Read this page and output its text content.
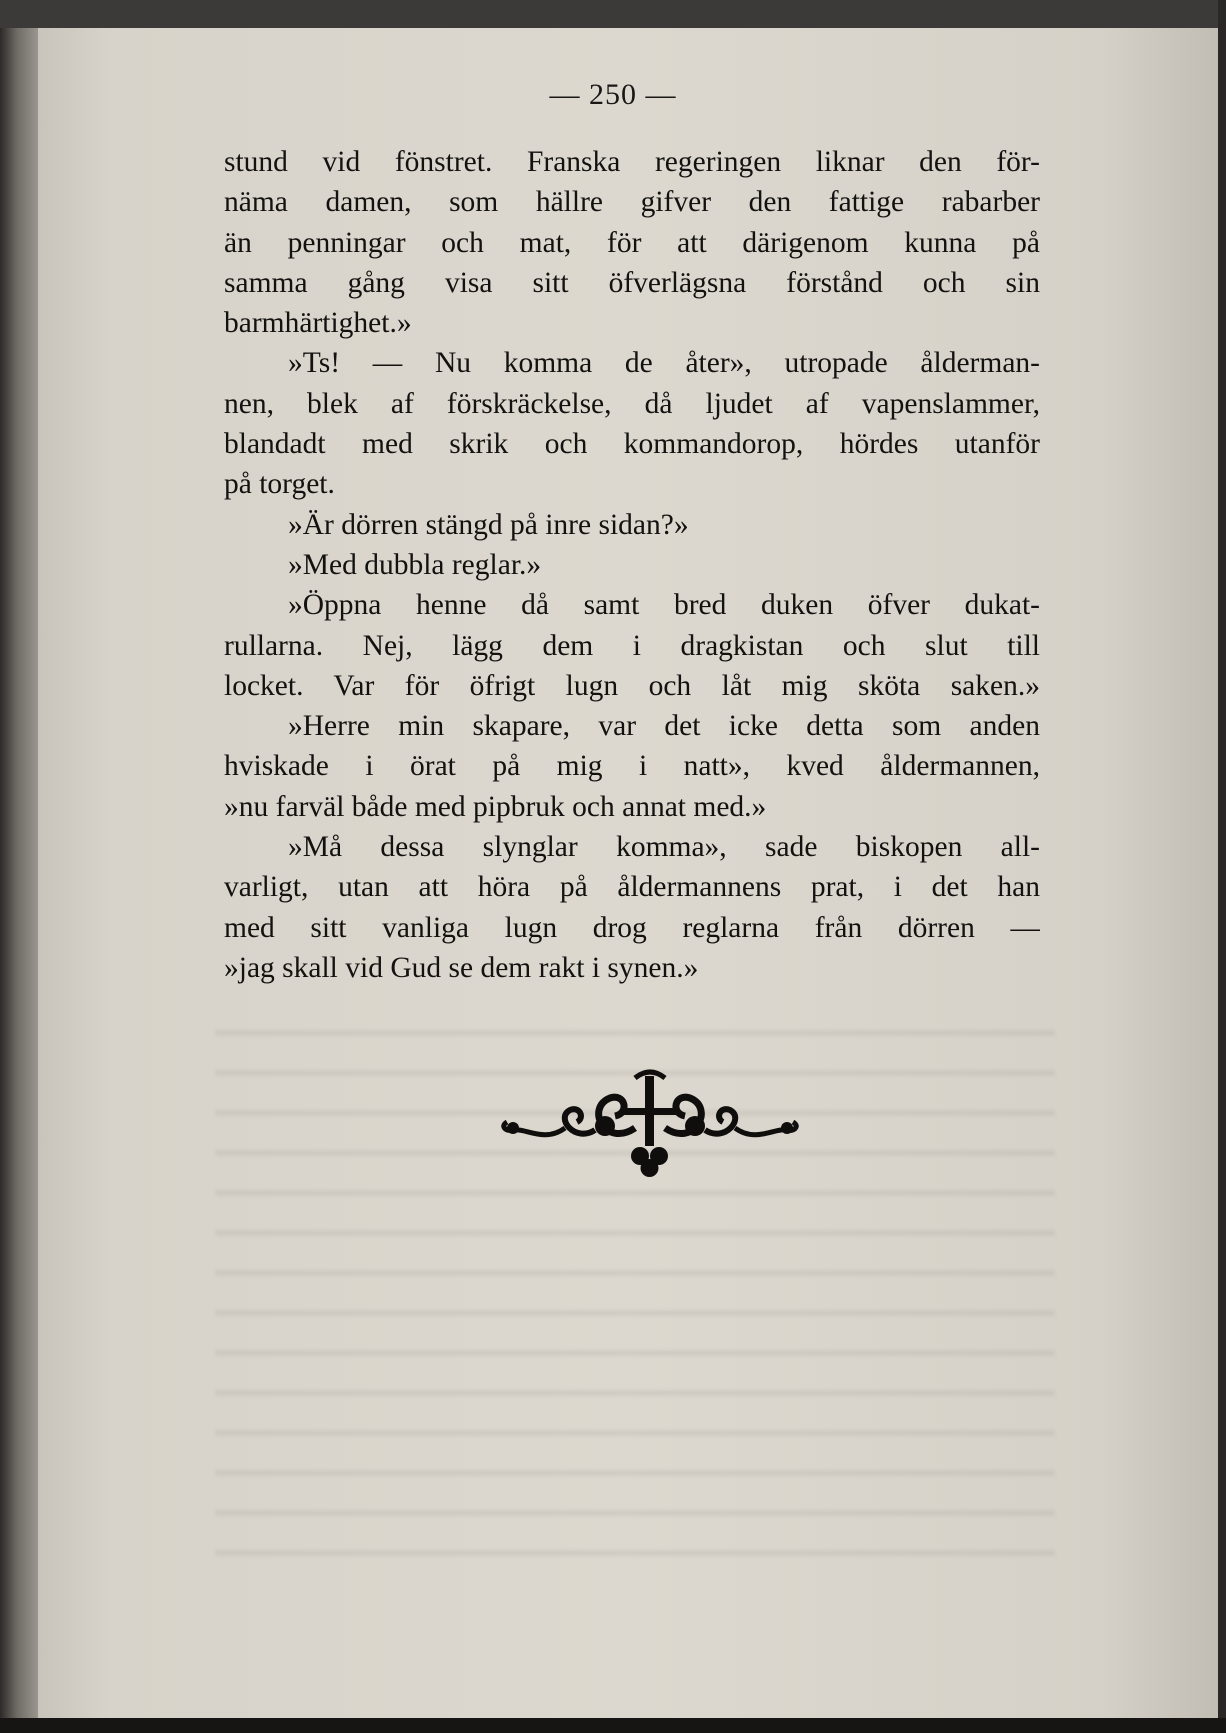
— 250 —
stund vid fönstret. Franska regeringen liknar den för-
näma damen, som hällre gifver den fattige rabarber
än penningar och mat, för att därigenom kunna på
samma gång visa sitt öfverlägsna förstånd och sin
barmhärtighet.»
»Ts! — Nu komma de åter», utropade ålderman-
nen, blek af förskräckelse, då ljudet af vapenslammer,
blandadt med skrik och kommandorop, hördes utanför
på torget.
»Är dörren stängd på inre sidan?»
»Med dubbla reglar.»
»Öppna henne då samt bred duken öfver dukat-
rullarna. Nej, lägg dem i dragkistan och slut till
locket. Var för öfrigt lugn och låt mig sköta saken.»
»Herre min skapare, var det icke detta som anden
hviskade i örat på mig i natt», kved åldermannen,
»nu farväl både med pipbruk och annat med.»
»Må dessa slynglar komma», sade biskopen all-
varligt, utan att höra på åldermannens prat, i det han
med sitt vanliga lugn drog reglarna från dörren —
»jag skall vid Gud se dem rakt i synen.»
